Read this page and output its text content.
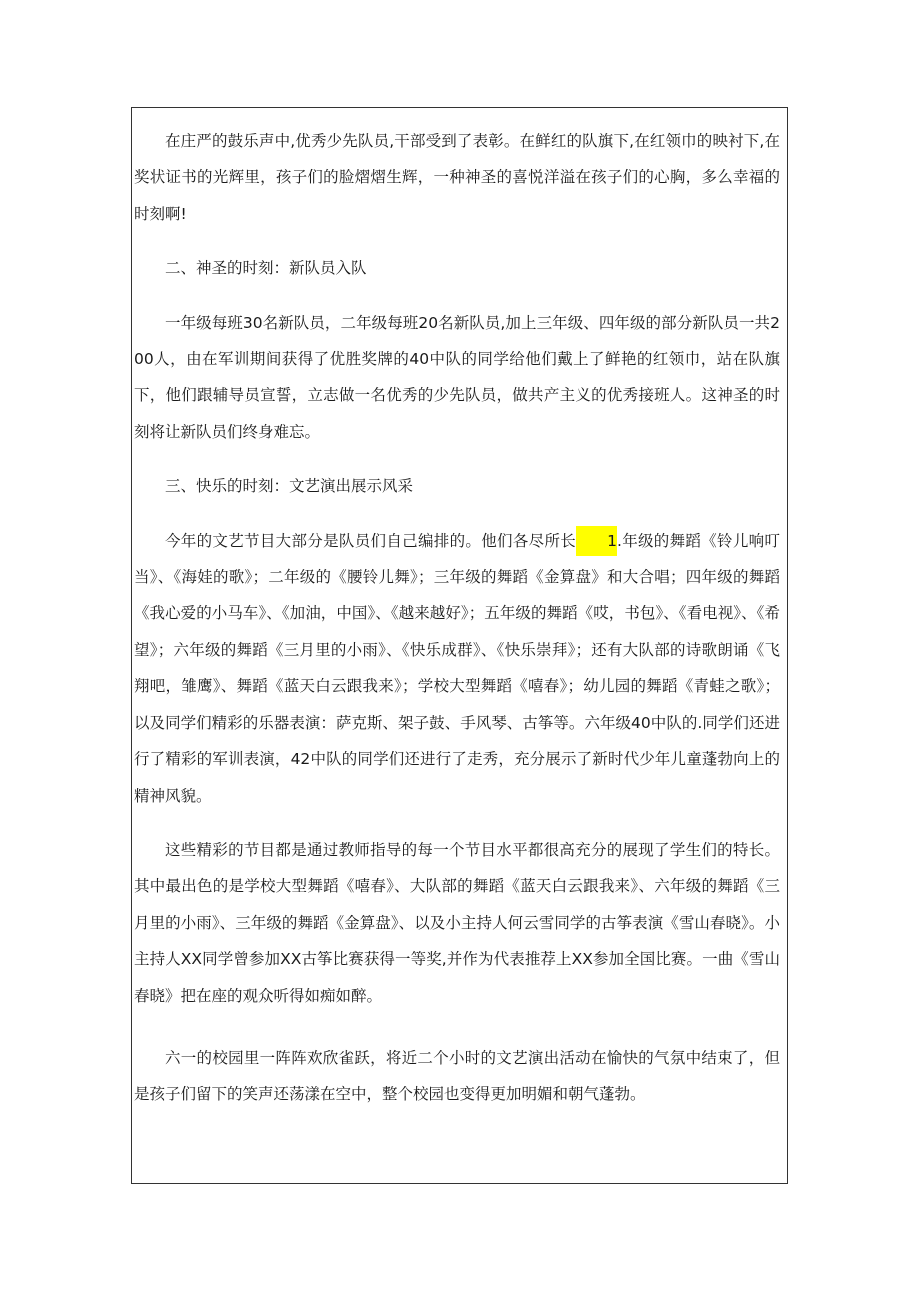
在庄严的鼓乐声中,优秀少先队员,干部受到了表彰。在鲜红的队旗下,在红领巾的映衬下,在奖状证书的光辉里，孩子们的脸熠熠生辉，一种神圣的喜悦洋溢在孩子们的心胸，多么幸福的时刻啊!

二、神圣的时刻：新队员入队

一年级每班30名新队员，二年级每班20名新队员,加上三年级、四年级的部分新队员一共200人，由在军训期间获得了优胜奖牌的40中队的同学给他们戴上了鲜艳的红领巾，站在队旗下，他们跟辅导员宣誓，立志做一名优秀的少先队员，做共产主义的优秀接班人。这神圣的时刻将让新队员们终身难忘。

三、快乐的时刻：文艺演出展示风采

今年的文艺节目大部分是队员们自己编排的。他们各尽所长 1.年级的舞蹈《铃儿响叮当》、《海娃的歌》；二年级的《腰铃儿舞》；三年级的舞蹈《金算盘》和大合唱；四年级的舞蹈《我心爱的小马车》、《加油，中国》、《越来越好》；五年级的舞蹈《哎，书包》、《看电视》、《希望》；六年级的舞蹈《三月里的小雨》、《快乐成群》、《快乐崇拜》；还有大队部的诗歌朗诵《飞翔吧，雏鹰》、舞蹈《蓝天白云跟我来》；学校大型舞蹈《嘻春》；幼儿园的舞蹈《青蛙之歌》；以及同学们精彩的乐器表演：萨克斯、架子鼓、手风琴、古筝等。六年级40中队的.同学们还进行了精彩的军训表演，42中队的同学们还进行了走秀，充分展示了新时代少年儿童蓬勃向上的精神风貌。

这些精彩的节目都是通过教师指导的每一个节目水平都很高充分的展现了学生们的特长。其中最出色的是学校大型舞蹈《嘻春》、大队部的舞蹈《蓝天白云跟我来》、六年级的舞蹈《三月里的小雨》、三年级的舞蹈《金算盘》、以及小主持人何云雪同学的古筝表演《雪山春晓》。小主持人XX同学曾参加XX古筝比赛获得一等奖,并作为代表推荐上XX参加全国比赛。一曲《雪山春晓》把在座的观众听得如痴如醉。

六一的校园里一阵阵欢欣雀跃，将近二个小时的文艺演出活动在愉快的气氛中结束了，但是孩子们留下的笑声还荡漾在空中，整个校园也变得更加明媚和朝气蓬勃。
